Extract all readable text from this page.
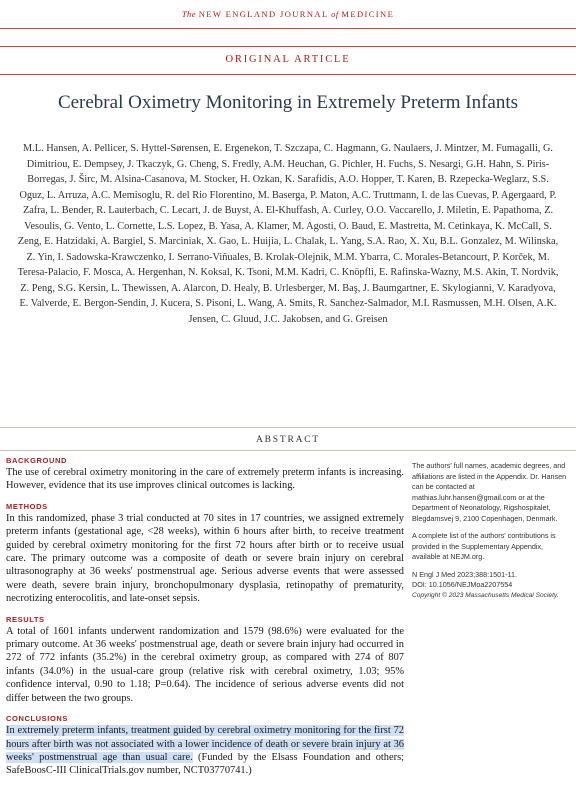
The NEW ENGLAND JOURNAL of MEDICINE
ORIGINAL ARTICLE
Cerebral Oximetry Monitoring in Extremely Preterm Infants
M.L. Hansen, A. Pellicer, S. Hyttel-Sørensen, E. Ergenekon, T. Szczapa, C. Hagmann, G. Naulaers, J. Mintzer, M. Fumagalli, G. Dimitriou, E. Dempsey, J. Tkaczyk, G. Cheng, S. Fredly, A.M. Heuchan, G. Pichler, H. Fuchs, S. Nesargi, G.H. Hahn, S. Piris-Borregas, J. Širc, M. Alsina-Casanova, M. Stocker, H. Ozkan, K. Sarafidis, A.O. Hopper, T. Karen, B. Rzepecka-Weglarz, S.S. Oguz, L. Arruza, A.C. Memisoglu, R. del Rio Florentino, M. Baserga, P. Maton, A.C. Truttmann, I. de las Cuevas, P. Agergaard, P. Zafra, L. Bender, R. Lauterbach, C. Lecart, J. de Buyst, A. El-Khuffash, A. Curley, O.O. Vaccarello, J. Miletin, E. Papathoma, Z. Vesoulis, G. Vento, L. Cornette, L.S. Lopez, B. Yasa, A. Klamer, M. Agosti, O. Baud, E. Mastretta, M. Cetinkaya, K. McCall, S. Zeng, E. Hatzidaki, A. Bargiel, S. Marciniak, X. Gao, L. Huijia, L. Chalak, L. Yang, S.A. Rao, X. Xu, B.L. Gonzalez, M. Wilinska, Z. Yin, I. Sadowska-Krawczenko, I. Serrano-Viñuales, B. Krolak-Olejnik, M.M. Ybarra, C. Morales-Betancourt, P. Korček, M. Teresa-Palacio, F. Mosca, A. Hergenhan, N. Koksal, K. Tsoni, M.M. Kadri, C. Knöpfli, E. Rafinska-Wazny, M.S. Akin, T. Nordvik, Z. Peng, S.G. Kersin, L. Thewissen, A. Alarcon, D. Healy, B. Urlesberger, M. Baş, J. Baumgartner, E. Skylogianni, V. Karadyova, E. Valverde, E. Bergon-Sendin, J. Kucera, S. Pisoni, L. Wang, A. Smits, R. Sanchez-Salmador, M.I. Rasmussen, M.H. Olsen, A.K. Jensen, C. Gluud, J.C. Jakobsen, and G. Greisen
ABSTRACT
BACKGROUND

The use of cerebral oximetry monitoring in the care of extremely preterm infants is increasing. However, evidence that its use improves clinical outcomes is lacking.

METHODS

In this randomized, phase 3 trial conducted at 70 sites in 17 countries, we assigned extremely preterm infants (gestational age, <28 weeks), within 6 hours after birth, to receive treatment guided by cerebral oximetry monitoring for the first 72 hours after birth or to receive usual care. The primary outcome was a composite of death or severe brain injury on cerebral ultrasonography at 36 weeks' postmenstrual age. Serious adverse events that were assessed were death, severe brain injury, bronchopulmonary dysplasia, retinopathy of prematurity, necrotizing enterocolitis, and late-onset sepsis.

RESULTS

A total of 1601 infants underwent randomization and 1579 (98.6%) were evaluated for the primary outcome. At 36 weeks' postmenstrual age, death or severe brain injury had occurred in 272 of 772 infants (35.2%) in the cerebral oximetry group, as compared with 274 of 807 infants (34.0%) in the usual-care group (relative risk with cerebral oximetry, 1.03; 95% confidence interval, 0.90 to 1.18; P=0.64). The incidence of serious adverse events did not differ between the two groups.

CONCLUSIONS

In extremely preterm infants, treatment guided by cerebral oximetry monitoring for the first 72 hours after birth was not associated with a lower incidence of death or severe brain injury at 36 weeks' postmenstrual age than usual care. (Funded by the Elsass Foundation and others; SafeBoosC-III ClinicalTrials.gov number, NCT03770741.)

The authors' full names, academic degrees, and affiliations are listed in the Appendix. Dr. Hansen can be contacted at mathias.luhr.hansen@gmail.com or at the Department of Neonatology, Rigshospitalet, Blegdamsvej 9, 2100 Copenhagen, Denmark.

A complete list of the authors' contributions is provided in the Supplementary Appendix, available at NEJM.org.

N Engl J Med 2023;388:1501-11.
DOI: 10.1056/NEJMoa2207554
Copyright © 2023 Massachusetts Medical Society.
